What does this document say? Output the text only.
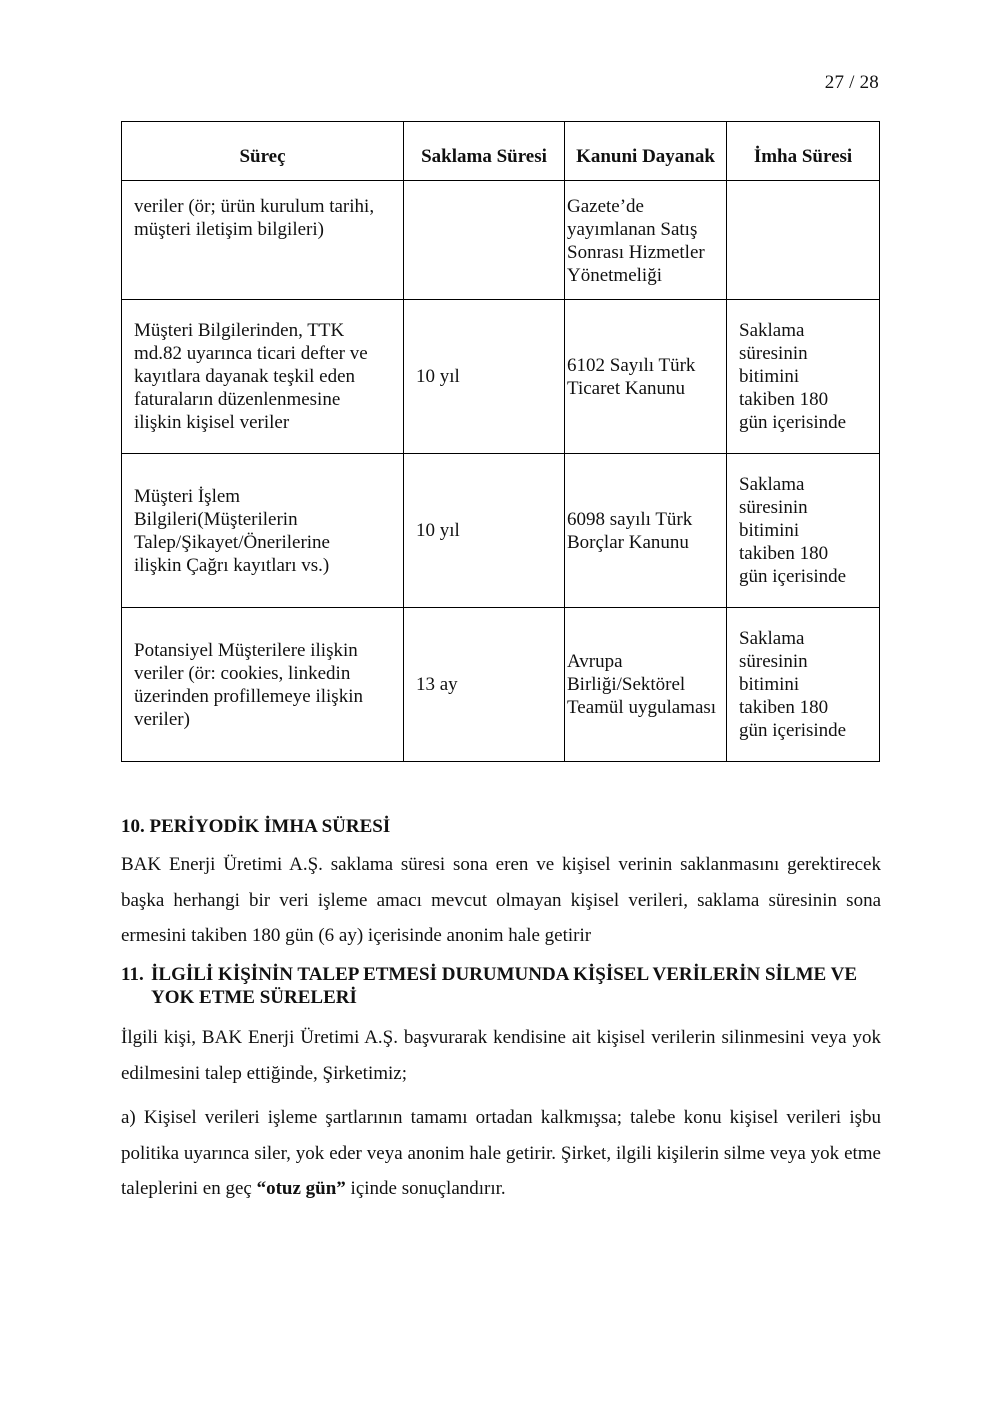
27 / 28
Süreç	Saklama Süresi	Kanuni Dayanak	İmha Süresi

veriler (ör; ürün kurulum tarihi,
müşteri iletişim bilgileri)		Gazete’de
yayımlanan Satış
Sonrası Hizmetler
Yönetmeliği	

Müşteri Bilgilerinden, TTK
md.82 uyarınca ticari defter ve
kayıtlara dayanak teşkil eden
faturaların düzenlenmesine
ilişkin kişisel veriler	10 yıl	6102 Sayılı Türk
Ticaret Kanunu	Saklama
süresinin
bitimini
takiben 180
gün içerisinde

Müşteri İşlem
Bilgileri(Müşterilerin
Talep/Şikayet/Önerilerine
ilişkin Çağrı kayıtları vs.)	10 yıl	6098 sayılı Türk
Borçlar Kanunu	Saklama
süresinin
bitimini
takiben 180
gün içerisinde

Potansiyel Müşterilere ilişkin
veriler (ör: cookies, linkedin
üzerinden profillemeye ilişkin
veriler)	13 ay	Avrupa
Birliği/Sektörel
Teamül uygulaması	Saklama
süresinin
bitimini
takiben 180
gün içerisinde
10. PERİYODİK İMHA SÜRESİ
BAK Enerji Üretimi A.Ş. saklama süresi sona eren ve kişisel verinin saklanmasını gerektirecek başka herhangi bir veri işleme amacı mevcut olmayan kişisel verileri, saklama süresinin sona ermesini takiben 180 gün (6 ay) içerisinde anonim hale getirir
11. İLGİLİ KİŞİNİN TALEP ETMESİ DURUMUNDA KİŞİSEL VERİLERİN SİLME VE YOK ETME SÜRELERİ
İlgili kişi, BAK Enerji Üretimi A.Ş. başvurarak kendisine ait kişisel verilerin silinmesini veya yok edilmesini talep ettiğinde, Şirketimiz;
a) Kişisel verileri işleme şartlarının tamamı ortadan kalkmışsa; talebe konu kişisel verileri işbu politika uyarınca siler, yok eder veya anonim hale getirir. Şirket, ilgili kişilerin silme veya yok etme taleplerini en geç “otuz gün” içinde sonuçlandırır.
